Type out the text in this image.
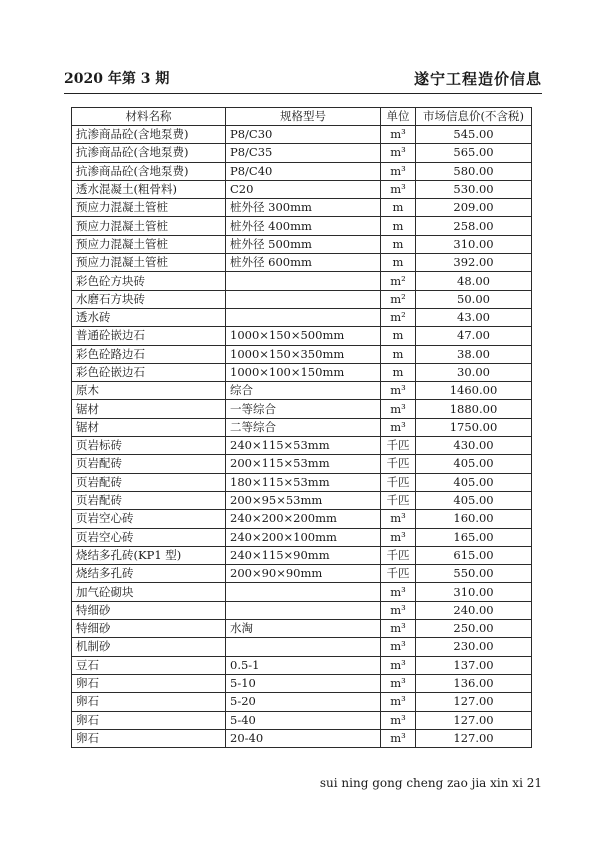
2020 年第 3 期	遂宁工程造价信息
材料名称	规格型号	单位	市场信息价(不含税)
抗渗商品砼(含地泵费)	P8/C30	m³	545.00
抗渗商品砼(含地泵费)	P8/C35	m³	565.00
抗渗商品砼(含地泵费)	P8/C40	m³	580.00
透水混凝土(粗骨料)	C20	m³	530.00
预应力混凝土管桩	桩外径 300mm	m	209.00
预应力混凝土管桩	桩外径 400mm	m	258.00
预应力混凝土管桩	桩外径 500mm	m	310.00
预应力混凝土管桩	桩外径 600mm	m	392.00
彩色砼方块砖		m²	48.00
水磨石方块砖		m²	50.00
透水砖		m²	43.00
普通砼嵌边石	1000×150×500mm	m	47.00
彩色砼路边石	1000×150×350mm	m	38.00
彩色砼嵌边石	1000×100×150mm	m	30.00
原木	综合	m³	1460.00
锯材	一等综合	m³	1880.00
锯材	二等综合	m³	1750.00
页岩标砖	240×115×53mm	千匹	430.00
页岩配砖	200×115×53mm	千匹	405.00
页岩配砖	180×115×53mm	千匹	405.00
页岩配砖	200×95×53mm	千匹	405.00
页岩空心砖	240×200×200mm	m³	160.00
页岩空心砖	240×200×100mm	m³	165.00
烧结多孔砖(KP1 型)	240×115×90mm	千匹	615.00
烧结多孔砖	200×90×90mm	千匹	550.00
加气砼砌块		m³	310.00
特细砂		m³	240.00
特细砂	水淘	m³	250.00
机制砂		m³	230.00
豆石	0.5-1	m³	137.00
卵石	5-10	m³	136.00
卵石	5-20	m³	127.00
卵石	5-40	m³	127.00
卵石	20-40	m³	127.00
sui ning gong cheng zao jia xin xi 21
